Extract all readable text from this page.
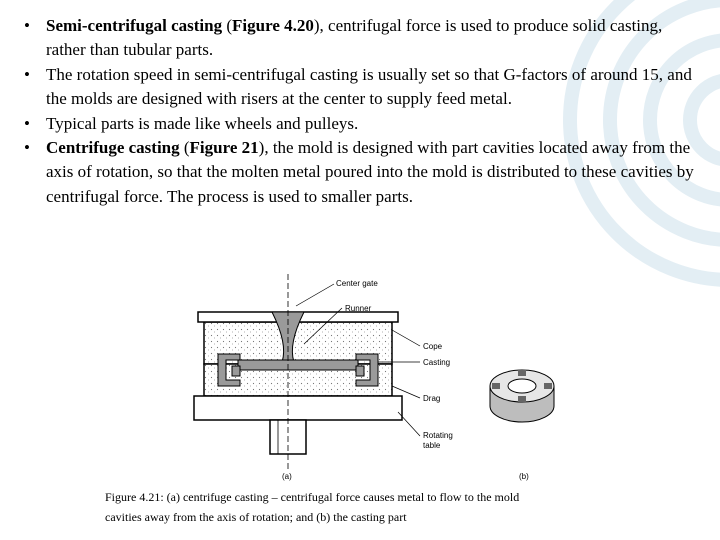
• Semi-centrifugal casting (Figure 4.20), centrifugal force is used to produce solid casting, rather than tubular parts.
• The rotation speed in semi-centrifugal casting is usually set so that G-factors of around 15, and the molds are designed with risers at the center to supply feed metal.
• Typical parts is made like wheels and pulleys.
• Centrifuge casting (Figure 21), the mold is designed with part cavities located away from the axis of rotation, so that the molten metal poured into the mold is distributed to these cavities by centrifugal force. The process is used to smaller parts.
Center gate
Runner
Cope
Casting
Drag
Rotating
table
(a)	(b)
Figure 4.21: (a) centrifuge casting – centrifugal force causes metal to flow to the mold
cavities away from the axis of rotation; and (b) the casting part
